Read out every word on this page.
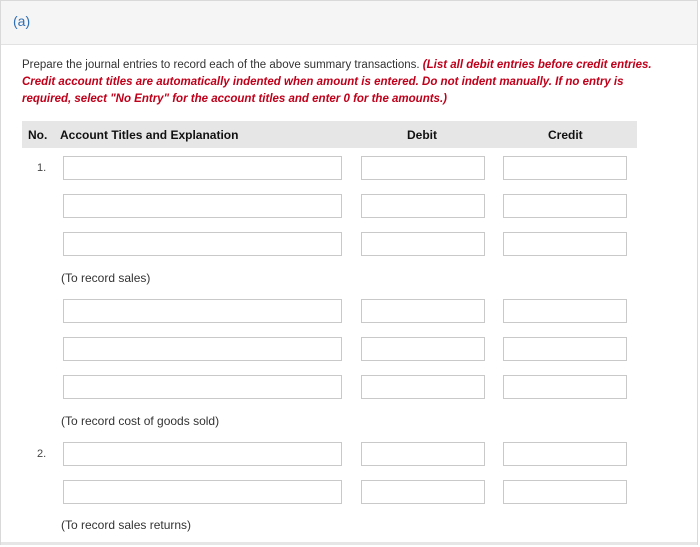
(a)
Prepare the journal entries to record each of the above summary transactions. (List all debit entries before credit entries. Credit account titles are automatically indented when amount is entered. Do not indent manually. If no entry is required, select "No Entry" for the account titles and enter 0 for the amounts.)
No. Account Titles and Explanation	Debit	Credit
1.
(To record sales)
(To record cost of goods sold)
2.
(To record sales returns)
